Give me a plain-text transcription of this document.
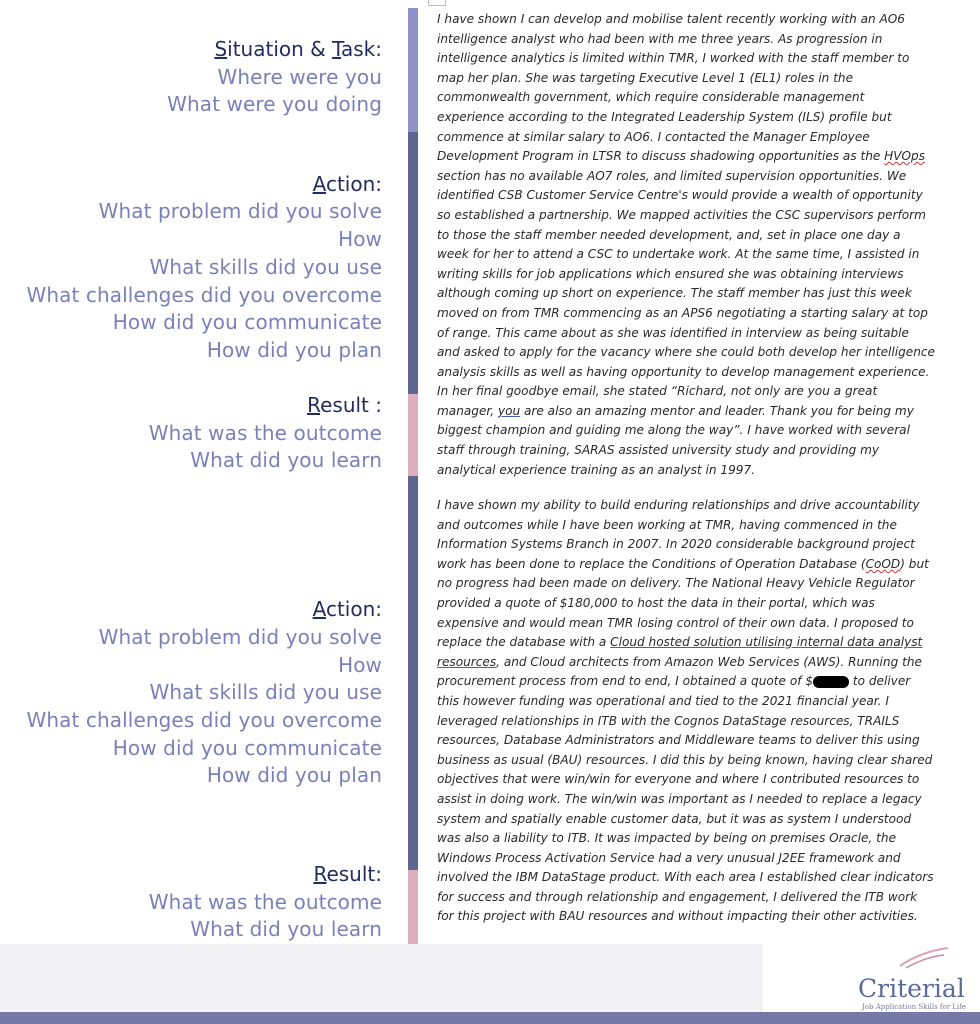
Situation & Task:
Where were you
What were you doing
Action:
What problem did you solve
How
What skills did you use
What challenges did you overcome
How did you communicate
How did you plan
Result :
What was the outcome
What did you learn
Action:
What problem did you solve
How
What skills did you use
What challenges did you overcome
How did you communicate
How did you plan
Result:
What was the outcome
What did you learn

I have shown I can develop and mobilise talent recently working with an AO6 intelligence analyst who had been with me three years. As progression in intelligence analytics is limited within TMR, I worked with the staff member to map her plan. She was targeting Executive Level 1 (EL1) roles in the commonwealth government, which require considerable management experience according to the Integrated Leadership System (ILS) profile but commence at similar salary to AO6. I contacted the Manager Employee Development Program in LTSR to discuss shadowing opportunities as the HVOps section has no available AO7 roles, and limited supervision opportunities. We identified CSB Customer Service Centre's would provide a wealth of opportunity so established a partnership. We mapped activities the CSC supervisors perform to those the staff member needed development, and, set in place one day a week for her to attend a CSC to undertake work. At the same time, I assisted in writing skills for job applications which ensured she was obtaining interviews although coming up short on experience. The staff member has just this week moved on from TMR commencing as an APS6 negotiating a starting salary at top of range. This came about as she was identified in interview as being suitable and asked to apply for the vacancy where she could both develop her intelligence analysis skills as well as having opportunity to develop management experience. In her final goodbye email, she stated “Richard, not only are you a great manager, you are also an amazing mentor and leader. Thank you for being my biggest champion and guiding me along the way”. I have worked with several staff through training, SARAS assisted university study and providing my analytical experience training as an analyst in 1997.

I have shown my ability to build enduring relationships and drive accountability and outcomes while I have been working at TMR, having commenced in the Information Systems Branch in 2007. In 2020 considerable background project work has been done to replace the Conditions of Operation Database (CoOD) but no progress had been made on delivery. The National Heavy Vehicle Regulator provided a quote of $180,000 to host the data in their portal, which was expensive and would mean TMR losing control of their own data. I proposed to replace the database with a Cloud hosted solution utilising internal data analyst resources, and Cloud architects from Amazon Web Services (AWS). Running the procurement process from end to end, I obtained a quote of $	to deliver this however funding was operational and tied to the 2021 financial year. I leveraged relationships in ITB with the Cognos DataStage resources, TRAILS resources, Database Administrators and Middleware teams to deliver this using business as usual (BAU) resources. I did this by being known, having clear shared objectives that were win/win for everyone and where I contributed resources to assist in doing work. The win/win was important as I needed to replace a legacy system and spatially enable customer data, but it was as system I understood was also a liability to ITB. It was impacted by being on premises Oracle, the Windows Process Activation Service had a very unusual J2EE framework and involved the IBM DataStage product. With each area I established clear indicators for success and through relationship and engagement, I delivered the ITB work for this project with BAU resources and without impacting their other activities.

Criterial
Job Application Skills for Life
